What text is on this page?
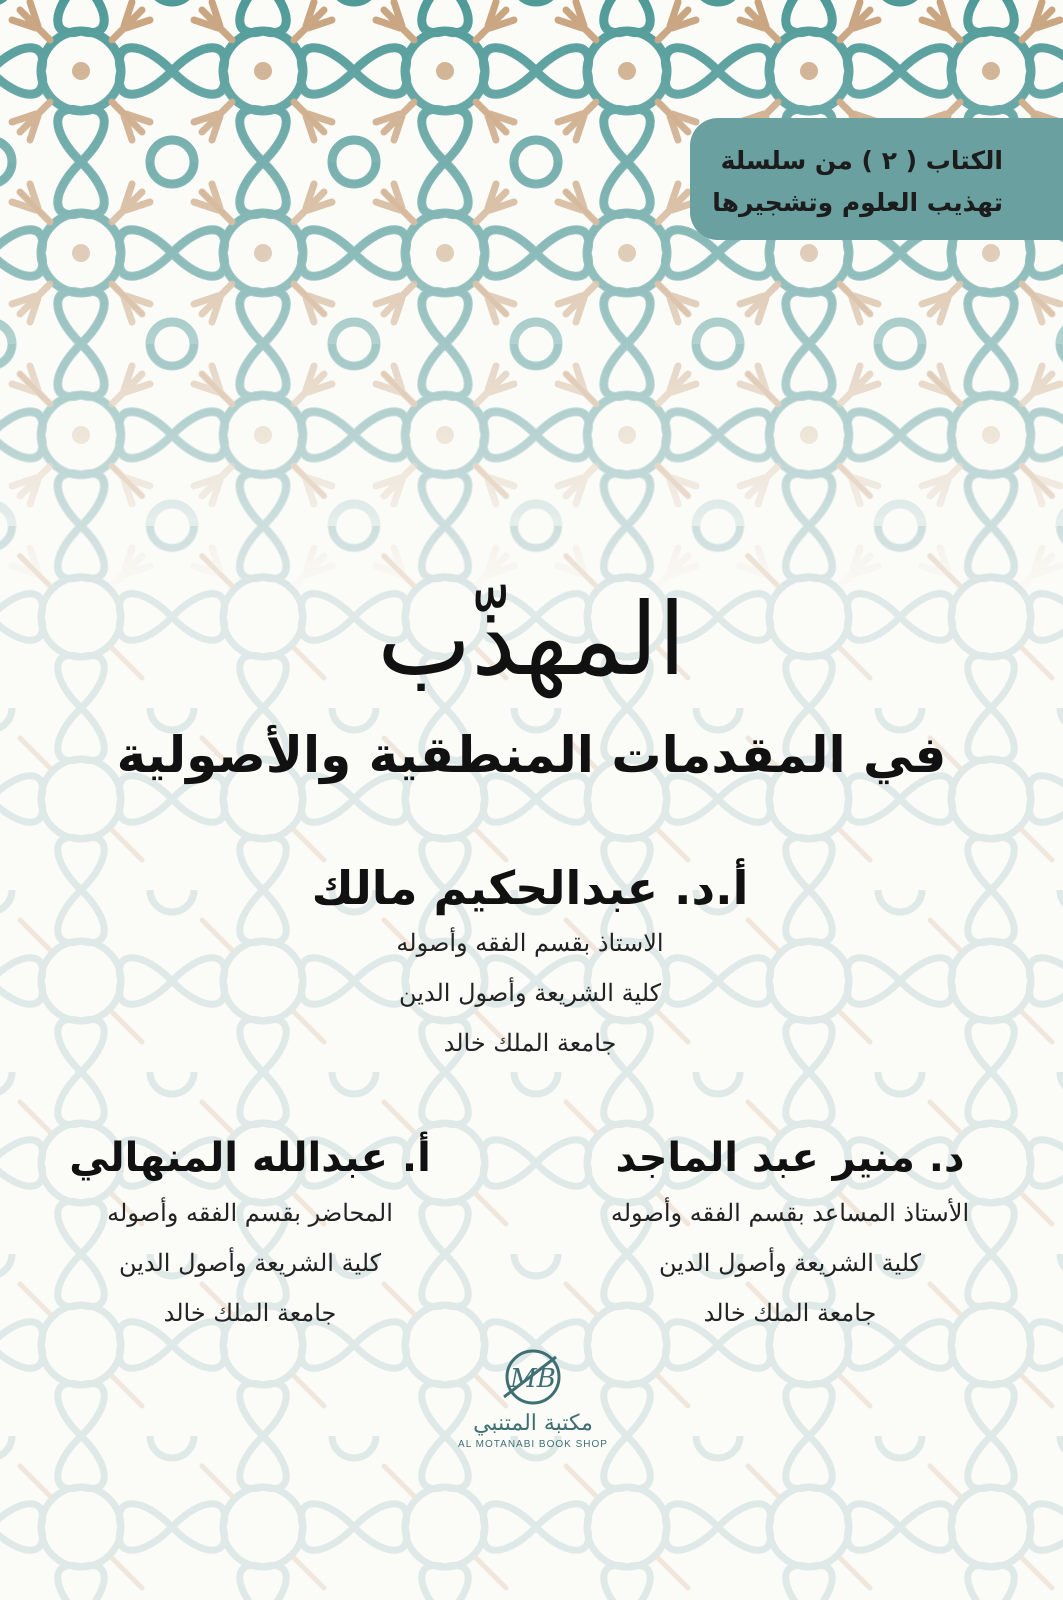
الكتاب ( ٢ ) من سلسلة
تهذيب العلوم وتشجيرها
المهذّب
في المقدمات المنطقية والأصولية
أ.د. عبدالحكيم مالك
الاستاذ بقسم الفقه وأصوله
كلية الشريعة وأصول الدين
جامعة الملك خالد
د. منير عبد الماجد
الأستاذ المساعد بقسم الفقه وأصوله
كلية الشريعة وأصول الدين
جامعة الملك خالد
أ. عبدالله المنهالي
المحاضر بقسم الفقه وأصوله
كلية الشريعة وأصول الدين
جامعة الملك خالد
MB
مكتبة المتنبي
AL MOTANABI BOOK SHOP
